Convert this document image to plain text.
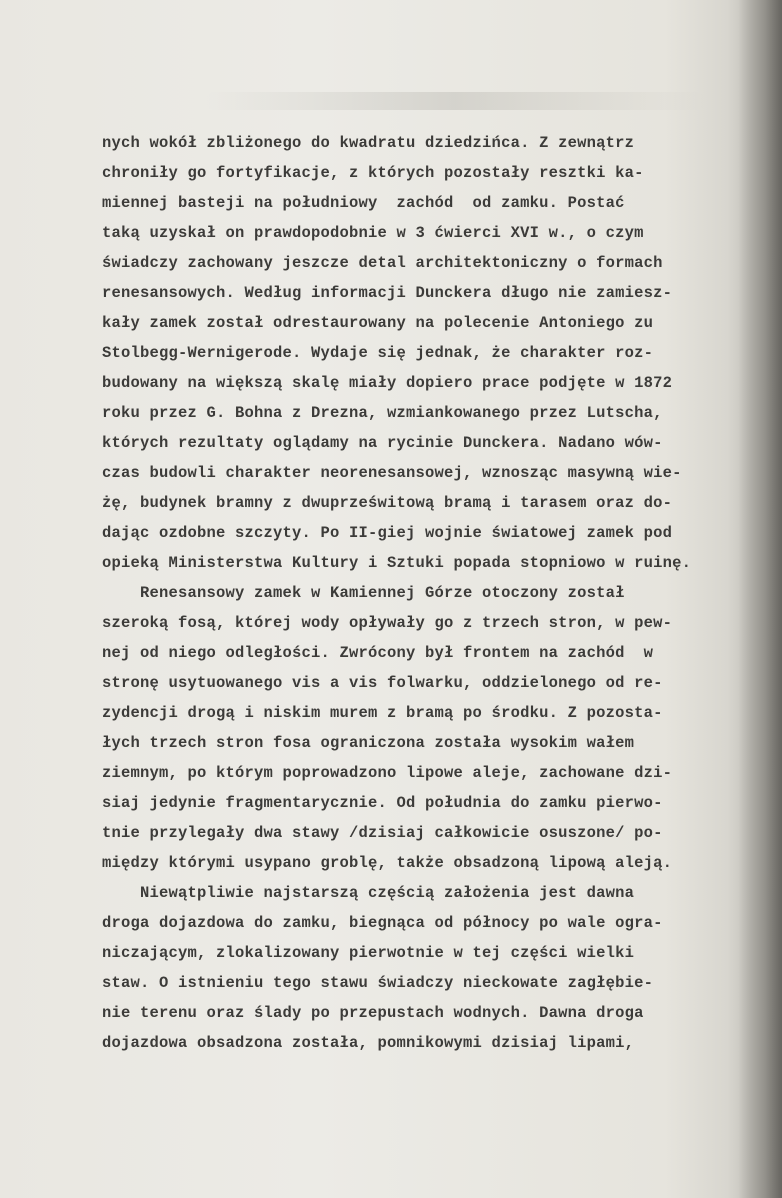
nych wokół zbliżonego do kwadratu dziedzińca. Z zewnątrz
chroniły go fortyfikacje, z których pozostały resztki ka-
miennej basteji na południowy  zachód  od zamku. Postać
taką uzyskał on prawdopodobnie w 3 ćwierci XVI w., o czym
świadczy zachowany jeszcze detal architektoniczny o formach
renesansowych. Według informacji Dunckera długo nie zamiesz-
kały zamek został odrestaurowany na polecenie Antoniego zu
Stolbegg-Wernigerode. Wydaje się jednak, że charakter roz-
budowany na większą skalę miały dopiero prace podjęte w 1872
roku przez G. Bohna z Drezna, wzmiankowanego przez Lutscha,
których rezultaty oglądamy na rycinie Dunckera. Nadano wów-
czas budowli charakter neorenesansowej, wznosząc masywną wie-
żę, budynek bramny z dwuprześwitową bramą i tarasem oraz do-
dając ozdobne szczyty. Po II-giej wojnie światowej zamek pod
opieką Ministerstwa Kultury i Sztuki popada stopniowo w ruinę.
Renesansowy zamek w Kamiennej Górze otoczony został
szeroką fosą, której wody opływały go z trzech stron, w pew-
nej od niego odległości. Zwrócony był frontem na zachód  w
stronę usytuowanego vis a vis folwarku, oddzielonego od re-
zydencji drogą i niskim murem z bramą po środku. Z pozosta-
łych trzech stron fosa ograniczona została wysokim wałem
ziemnym, po którym poprowadzono lipowe aleje, zachowane dzi-
siaj jedynie fragmentarycznie. Od południa do zamku pierwo-
tnie przylegały dwa stawy /dzisiaj całkowicie osuszone/ po-
między którymi usypano groblę, także obsadzoną lipową aleją.
Niewątpliwie najstarszą częścią założenia jest dawna
droga dojazdowa do zamku, biegnąca od północy po wale ogra-
niczającym, zlokalizowany pierwotnie w tej części wielki
staw. O istnieniu tego stawu świadczy nieckowate zagłębie-
nie terenu oraz ślady po przepustach wodnych. Dawna droga
dojazdowa obsadzona została, pomnikowymi dzisiaj lipami,
